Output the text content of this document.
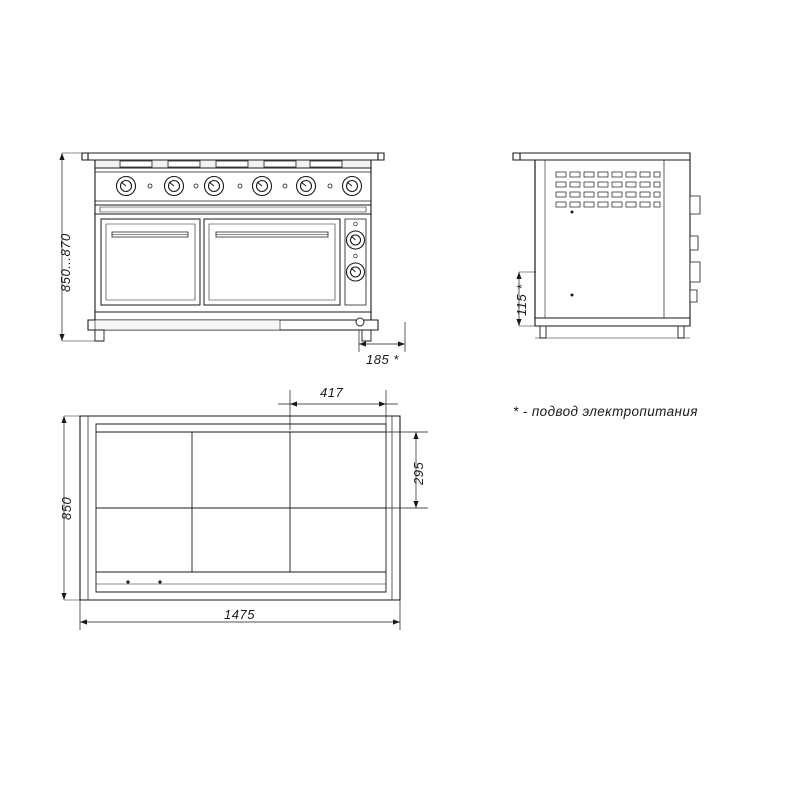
850...870
185 *
115 *
850
1475
417
295
* - подвод электропитания
